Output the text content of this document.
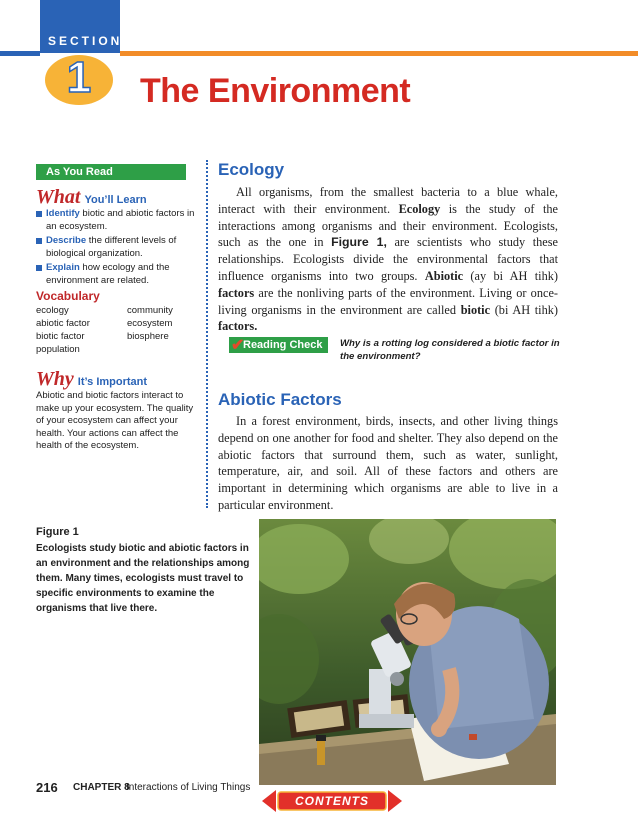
SECTION
1	The Environment
As You Read
What You’ll Learn
Identify biotic and abiotic factors in an ecosystem.
Describe the different levels of biological organization.
Explain how ecology and the environment are related.
Vocabulary
ecology
abiotic factor
biotic factor
population
community
ecosystem
biosphere
Why It’s Important
Abiotic and biotic factors interact to make up your ecosystem. The quality of your ecosystem can affect your health. Your actions can affect the health of the ecosystem.
Ecology
All organisms, from the smallest bacteria to a blue whale, interact with their environment. Ecology is the study of the interactions among organisms and their environment. Ecologists, such as the one in Figure 1, are scientists who study these relationships. Ecologists divide the environmental factors that influence organisms into two groups. Abiotic (ay bi AH tihk) factors are the nonliving parts of the environment. Living or once-living organisms in the environment are called biotic (bi AH tihk) factors.
✔
Reading Check Why is a rotting log considered a biotic factor in the environment?
Abiotic Factors
In a forest environment, birds, insects, and other living things depend on one another for food and shelter. They also depend on the abiotic factors that surround them, such as water, sunlight, temperature, air, and soil. All of these factors and others are important in determining which organisms are able to live in a particular environment.
Figure 1
Ecologists study biotic and abiotic factors in an environment and the relationships among them. Many times, ecologists must travel to specific environments to examine the organisms that live there.
216 CHAPTER 8
Interactions of Living Things
CONTENTS
